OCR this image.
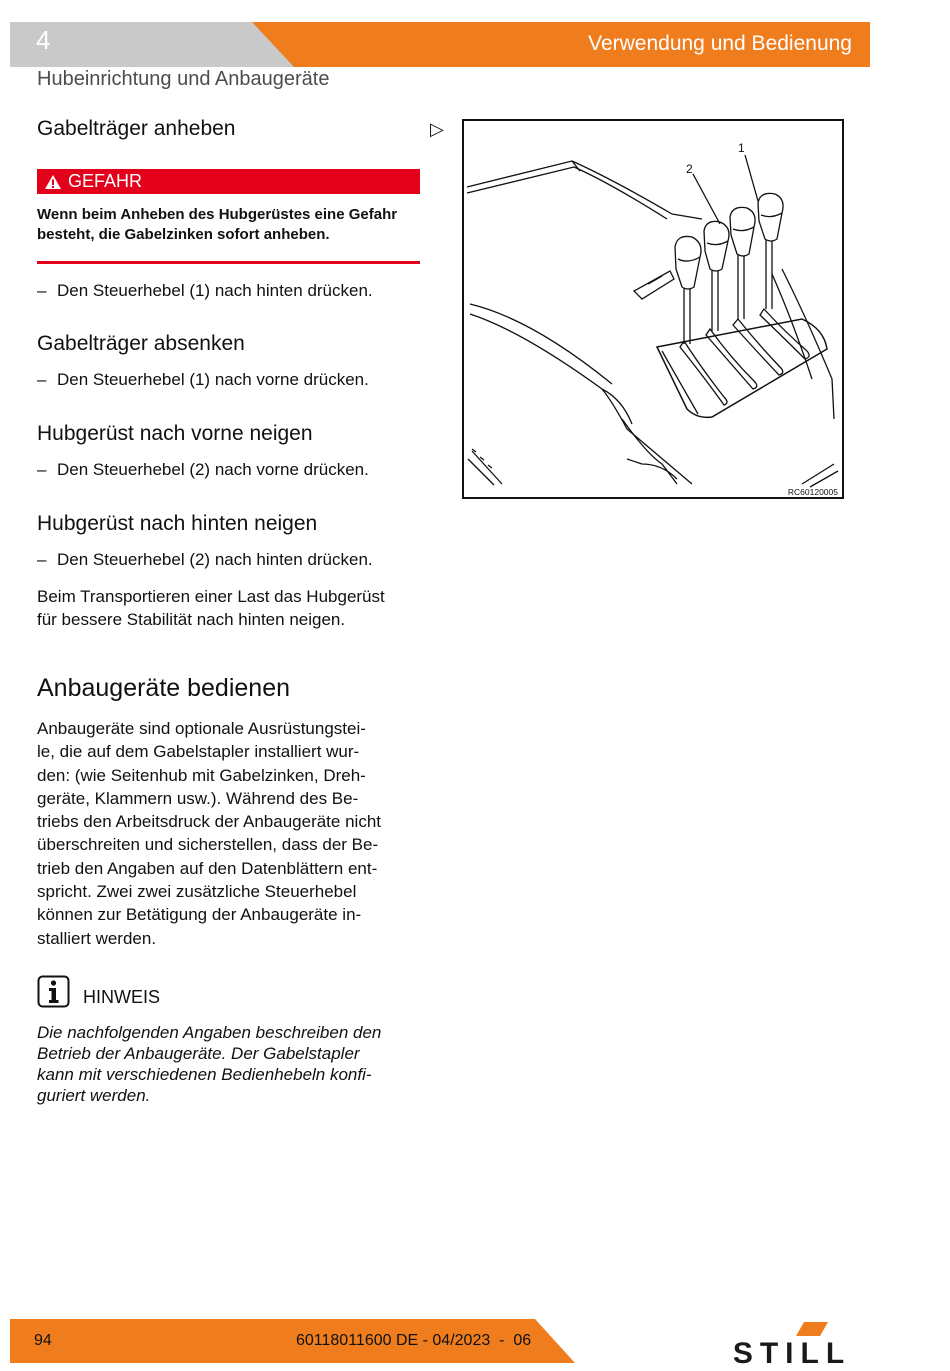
4	Verwendung und Bedienung
Hubeinrichtung und Anbaugeräte
Gabelträger anheben	▷
GEFAHR
Wenn beim Anheben des Hubgerüstes eine Gefahr besteht, die Gabelzinken sofort anheben.
– Den Steuerhebel (1) nach hinten drücken.
Gabelträger absenken
– Den Steuerhebel (1) nach vorne drücken.
Hubgerüst nach vorne neigen
– Den Steuerhebel (2) nach vorne drücken.
Hubgerüst nach hinten neigen
– Den Steuerhebel (2) nach hinten drücken.
Beim Transportieren einer Last das Hubgerüst
für bessere Stabilität nach hinten neigen.
Anbaugeräte bedienen
Anbaugeräte sind optionale Ausrüstungstei-
le, die auf dem Gabelstapler installiert wur-
den: (wie Seitenhub mit Gabelzinken, Dreh-
geräte, Klammern usw.). Während des Be-
triebs den Arbeitsdruck der Anbaugeräte nicht
überschreiten und sicherstellen, dass der Be-
trieb den Angaben auf den Datenblättern ent-
spricht. Zwei zwei zusätzliche Steuerhebel
können zur Betätigung der Anbaugeräte in-
stalliert werden.
HINWEIS
Die nachfolgenden Angaben beschreiben den
Betrieb der Anbaugeräte. Der Gabelstapler
kann mit verschiedenen Bedienhebeln konfi-
guriert werden.
2
1
RC60120005
94	60118011600 DE - 04/2023  -  06	STILL
